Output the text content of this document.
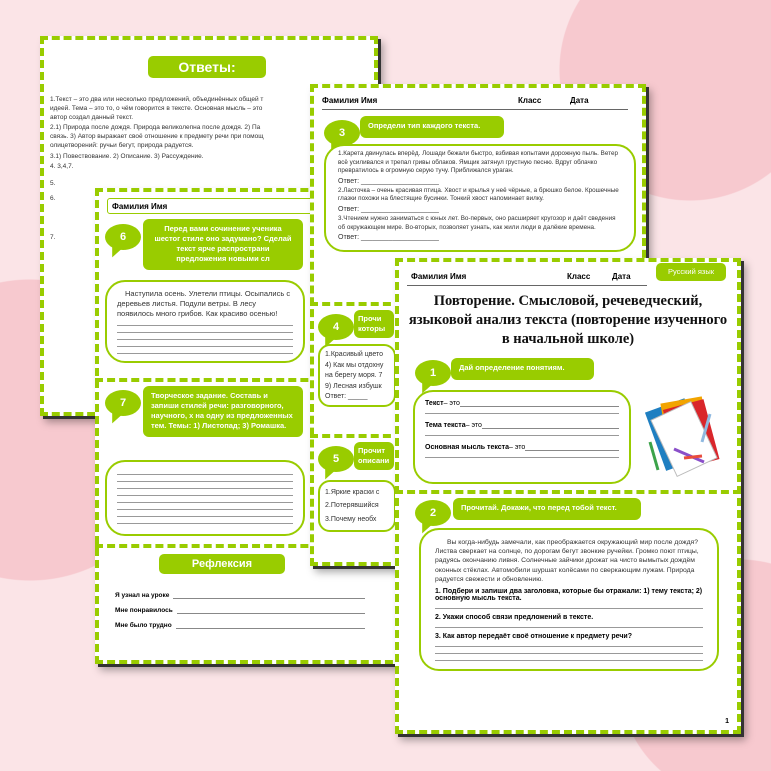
Ответы:
1.Текст – это два или несколько предложений, объединённых общей т
идеей. Тема – это то, о чём говорится в тексте. Основная мысль – это
автор создал данный текст.
2.1) Природа после дождя. Природа великолепна после дождя. 2) Па
связь. 3) Автор выражает своё отношение к предмету речи при помощ
олицетворений: ручьи бегут, природа радуется.
3.1) Повествование. 2) Описание. 3) Рассуждение.
4. 3,4,7.
5.
6.
7.
Фамилия Имя
6
Перед вами сочинение ученика шестог стиле оно задумано? Сделай текст ярче распространи предложения новыми сл
Наступила осень. Улетели птицы. Осыпались с деревьев листья. Подули ветры. В лесу появилось много грибов. Как красиво осенью!
7
Творческое задание. Составь и запиши стилей речи: разговорного, научного, х на одну из предложенных тем. Темы: 1) Листопад; 3) Ромашка.
Рефлексия
Я узнал на уроке
Мне понравилось
Мне было трудно
Фамилия Имя	Класс	Дата
3
Определи тип каждого текста.
1.Карета двинулась вперёд. Лошади бежали быстро, взбивая копытами дорожную пыль. Ветер всё усиливался и трепал гривы облаков. Ямщик затянул грустную песню. Вдруг облачко превратилось в огромную серую тучу. Приближался ураган.
Ответ: ____________________
2.Ласточка – очень красивая птица. Хвост и крылья у неё чёрные, а брюшко белое. Крошечные глазки похожи на блестящие бусинки. Тонкий хвост напоминает вилку.
Ответ: ____________________
3.Чтением нужно заниматься с юных лет. Во-первых, оно расширяет кругозор и даёт сведения об окружающем мире. Во-вторых, позволяет узнать, как жили люди в далёкие времена.
Ответ: ____________________
4
Прочи которы
1.Красивый цвето
4) Как мы отдохну на берегу моря. 7
9) Лесная избушк
Ответ: _____
5
Прочит описани
1.Яркие краски с
2.Потерявшийся
3.Почему необх
Фамилия Имя	Класс	Дата
Русский язык
Повторение. Смысловой, речеведческий, языковой анализ текста (повторение изученного в начальной школе)
1	Дай определение понятиям.
Текст – это
Тема текста – это
Основная мысль текста – это
2	Прочитай. Докажи, что перед тобой текст.
Вы когда-нибудь замечали, как преображается окружающий мир после дождя? Листва сверкает на солнце, по дорогам бегут звонкие ручейки. Громко поют птицы, радуясь окончанию ливня. Солнечные зайчики дрожат на чисто вымытых дождём оконных стёклах. Автомобили шуршат колёсами по сверкающим лужам. Природа радуется свежести и обновлению.
1. Подбери и запиши два заголовка, которые бы отражали: 1) тему текста; 2) основную мысль текста.
2. Укажи способ связи предложений в тексте.
3. Как автор передаёт своё отношение к предмету речи?
1
